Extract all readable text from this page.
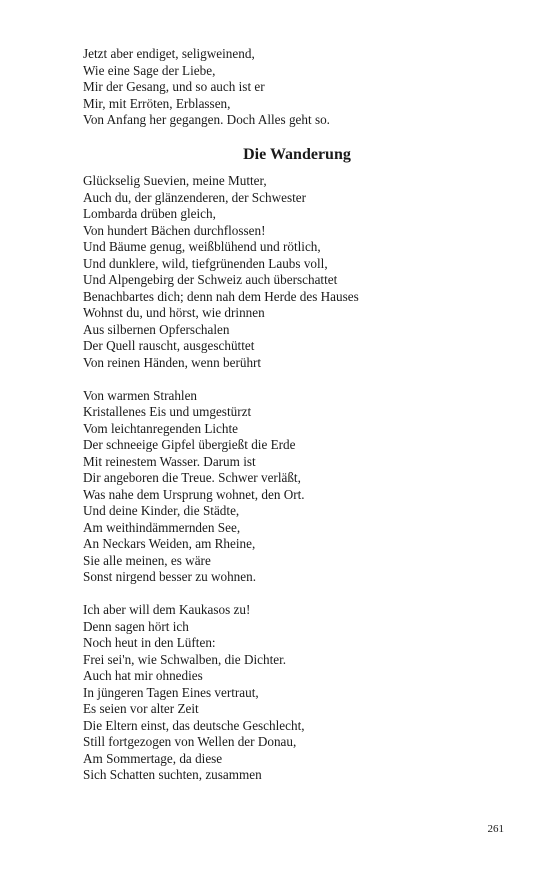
Jetzt aber endiget, seligweinend,
Wie eine Sage der Liebe,
Mir der Gesang, und so auch ist er
Mir, mit Erröten, Erblassen,
Von Anfang her gegangen. Doch Alles geht so.
Die Wanderung
Glückselig Suevien, meine Mutter,
Auch du, der glänzenderen, der Schwester
Lombarda drüben gleich,
Von hundert Bächen durchflossen!
Und Bäume genug, weißblühend und rötlich,
Und dunklere, wild, tiefgrünenden Laubs voll,
Und Alpengebirg der Schweiz auch überschattet
Benachbartes dich; denn nah dem Herde des Hauses
Wohnst du, und hörst, wie drinnen
Aus silbernen Opferschalen
Der Quell rauscht, ausgeschüttet
Von reinen Händen, wenn berührt
Von warmen Strahlen
Kristallenes Eis und umgestürzt
Vom leichtanregenden Lichte
Der schneeige Gipfel übergießt die Erde
Mit reinestem Wasser. Darum ist
Dir angeboren die Treue. Schwer verläßt,
Was nahe dem Ursprung wohnet, den Ort.
Und deine Kinder, die Städte,
Am weithindämmernden See,
An Neckars Weiden, am Rheine,
Sie alle meinen, es wäre
Sonst nirgend besser zu wohnen.
Ich aber will dem Kaukasos zu!
Denn sagen hört ich
Noch heut in den Lüften:
Frei sei'n, wie Schwalben, die Dichter.
Auch hat mir ohnedies
In jüngeren Tagen Eines vertraut,
Es seien vor alter Zeit
Die Eltern einst, das deutsche Geschlecht,
Still fortgezogen von Wellen der Donau,
Am Sommertage, da diese
Sich Schatten suchten, zusammen
261
